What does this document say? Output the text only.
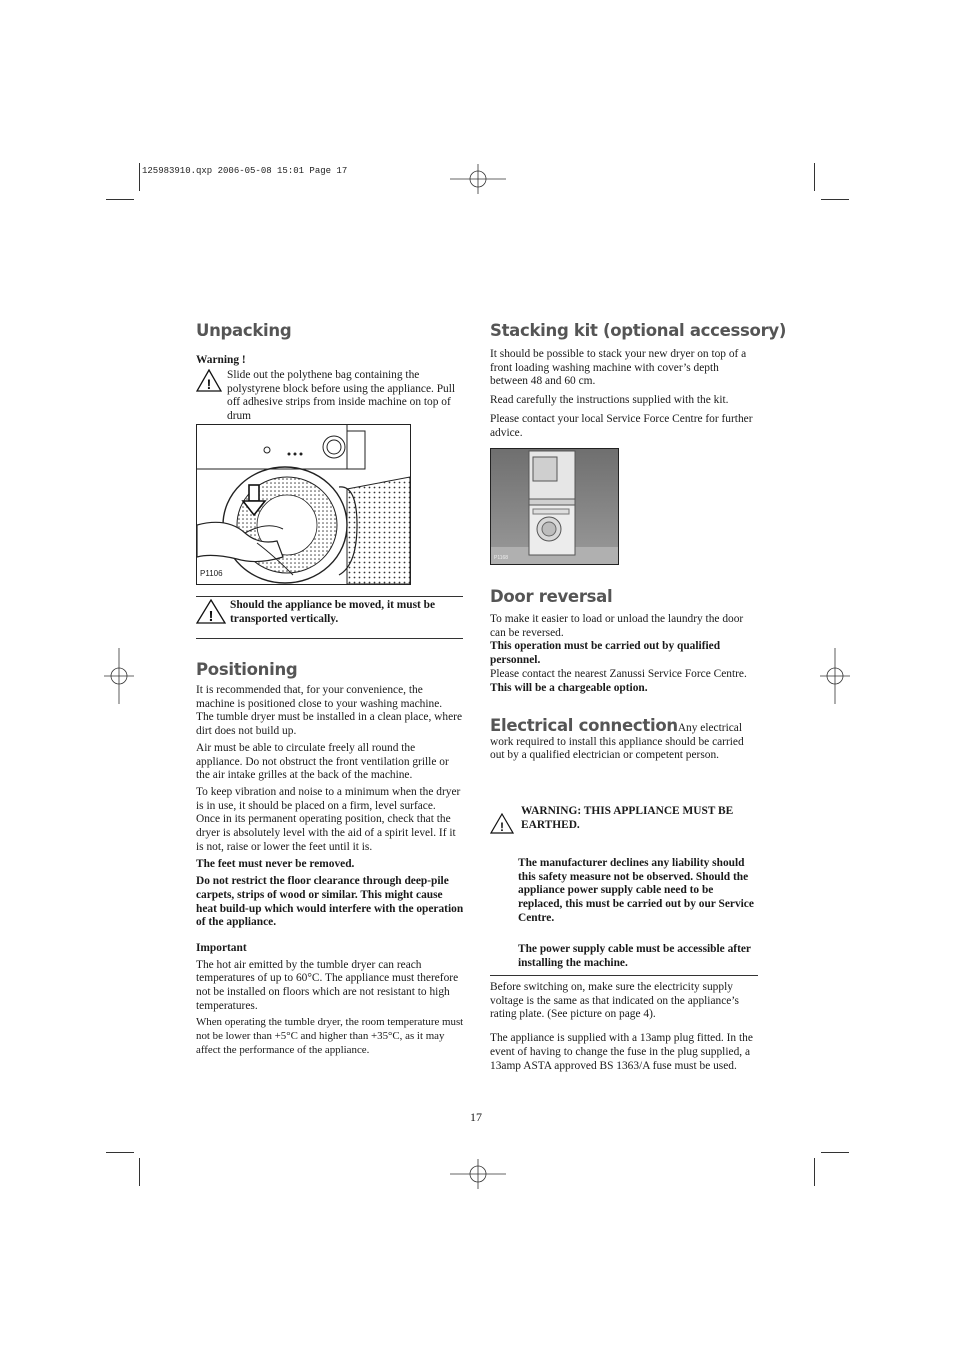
125983910.qxp 2006-05-08 15:01 Page 17
Unpacking

Warning !

!

Slide out the polythene bag containing the polystyrene block before using the appliance. Pull off adhesive strips from inside machine on top of drum

P1106
!

Should the appliance be moved, it must be transported vertically.

Positioning

It is recommended that, for your convenience, the machine is positioned close to your washing machine.

The tumble dryer must be installed in a clean place, where dirt does not build up.

Air must be able to circulate freely all round the appliance. Do not obstruct the front ventilation grille or the air intake grilles at the back of the machine.

To keep vibration and noise to a minimum when the dryer is in use, it should be placed on a firm, level surface.

Once in its permanent operating position, check that the dryer is absolutely level with the aid of a spirit level. If it is not, raise or lower the feet until it is.

The feet must never be removed.

Do not restrict the floor clearance through deep-pile carpets, strips of wood or similar. This might cause heat build-up which would interfere with the operation of the appliance.

Important

The hot air emitted by the tumble dryer can reach temperatures of up to 60°C. The appliance must therefore not be installed on floors which are not resistant to high temperatures.

When operating the tumble dryer, the room temperature must not be lower than +5°C and higher than +35°C, as it may affect the performance of the appliance.

Stacking kit (optional accessory)

It should be possible to stack your new dryer on top of a front loading washing machine with cover’s depth between 48 and 60 cm.

Read carefully the instructions supplied with the kit.

Please contact your local Service Force Centre for further advice.

P1168
Door reversal

To make it easier to load or unload the laundry the door can be reversed.

This operation must be carried out by qualified personnel.

Please contact the nearest Zanussi Service Force Centre.

This will be a chargeable option.

Electrical connectionAny electrical work required to install this appliance should be carried out by a qualified electrician or competent person.

!

WARNING: THIS APPLIANCE MUST BE EARTHED.

The manufacturer declines any liability should this safety measure not be observed. Should the appliance power supply cable need to be replaced, this must be carried out by our Service Centre.

The power supply cable must be accessible after installing the machine.

Before switching on, make sure the electricity supply voltage is the same as that indicated on the appliance’s rating plate. (See picture on page 4).

The appliance is supplied with a 13amp plug fitted. In the event of having to change the fuse in the plug supplied, a 13amp ASTA approved BS 1363/A fuse must be used.

17
